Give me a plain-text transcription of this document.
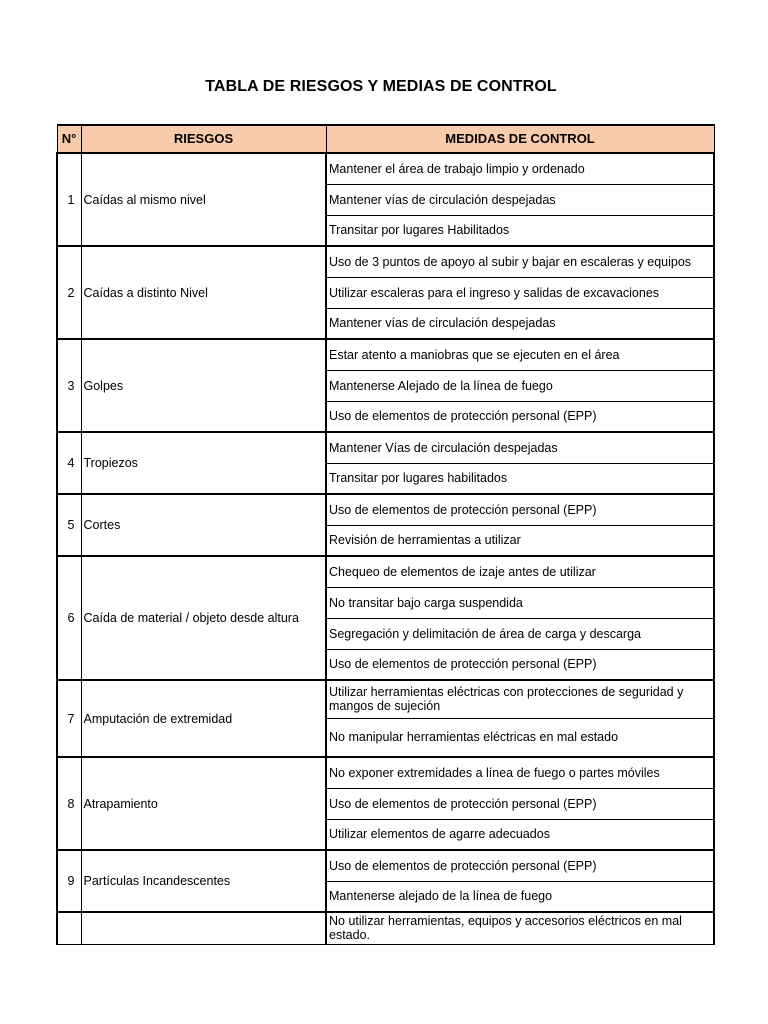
TABLA DE RIESGOS Y MEDIAS DE CONTROL
N°	RIESGOS	MEDIDAS DE CONTROL
1	Caídas al mismo nivel	Mantener el área de trabajo limpio y ordenado
		Mantener vías de circulación despejadas
		Transitar por lugares Habilitados
2	Caídas a distinto Nivel	Uso de 3 puntos de apoyo al subir y bajar en escaleras y equipos
		Utilizar escaleras para el ingreso y salidas de excavaciones
		Mantener vías de circulación despejadas
3	Golpes	Estar atento a maniobras que se ejecuten en el área
		Mantenerse Alejado de la línea de fuego
		Uso de elementos de protección personal (EPP)
4	Tropiezos	Mantener Vías de circulación despejadas
		Transitar por lugares habilitados
5	Cortes	Uso de elementos de protección personal (EPP)
		Revisión de herramientas a utilizar
6	Caída de material / objeto desde altura	Chequeo de elementos de izaje antes de utilizar
		No transitar bajo carga suspendida
		Segregación y delimitación de área de carga y descarga
		Uso de elementos de protección personal (EPP)
7	Amputación de extremidad	Utilizar herramientas eléctricas con protecciones de seguridad y mangos de sujeción
		No manipular herramientas eléctricas en mal estado
8	Atrapamiento	No exponer extremidades a línea de fuego o partes móviles
		Uso de elementos de protección personal (EPP)
		Utilizar elementos de agarre adecuados
9	Partículas Incandescentes	Uso de elementos de protección personal (EPP)
		Mantenerse alejado de la línea de fuego
		No utilizar herramientas, equipos y accesorios eléctricos en mal estado.
